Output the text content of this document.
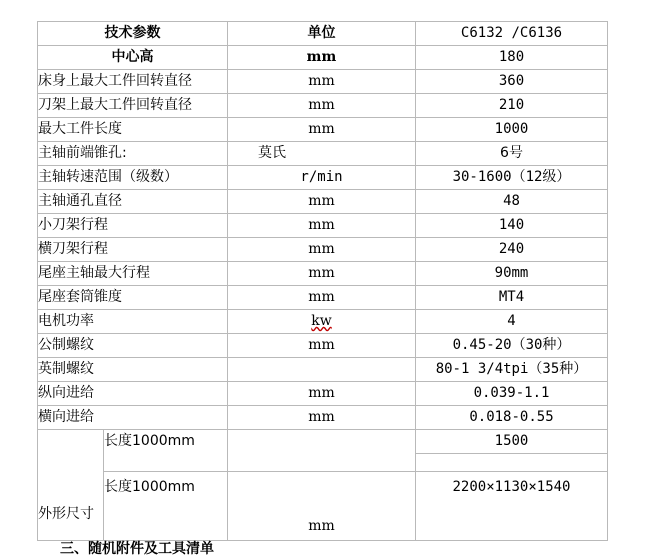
技术参数		单位	C6132 /C6136
中心高		mm	180
床身上最大工件回转直径		mm	360
刀架上最大工件回转直径		mm	210
最大工件长度		mm	1000
主轴前端锥孔:		莫氏	6号
主轴转速范围（级数）		r/min	30-1600（12级）
主轴通孔直径		mm	48
小刀架行程		mm	140
横刀架行程		mm	240
尾座主轴最大行程		mm	90mm
尾座套筒锥度		mm	MT4
电机功率		kw	4
公制螺纹		mm	0.45-20（30种）
英制螺纹			80-1 3/4tpi（35种）
纵向进给		mm	0.039-1.1
横向进给		mm	0.018-0.55

外形尺寸	长度1000mm		1500

	长度1000mm	mm	2200×1130×1540

三、随机附件及工具清单
